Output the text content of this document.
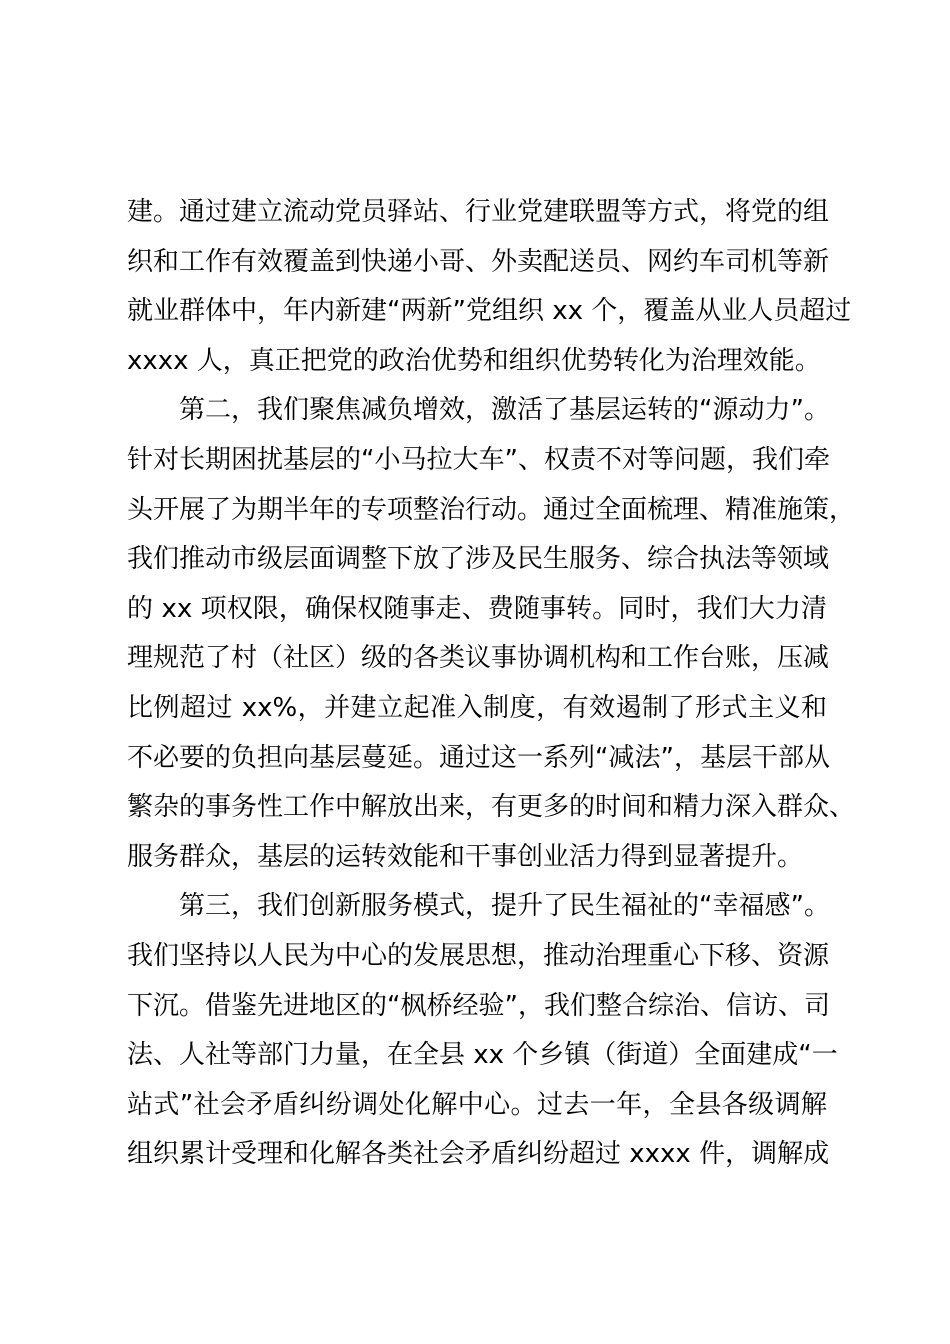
建。通过建立流动党员驿站、行业党建联盟等方式，将党的组
织和工作有效覆盖到快递小哥、外卖配送员、网约车司机等新
就业群体中，年内新建“两新”党组织 xx 个，覆盖从业人员超过
xxxx 人，真正把党的政治优势和组织优势转化为治理效能。
第二，我们聚焦减负增效，激活了基层运转的“源动力”。
针对长期困扰基层的“小马拉大车”、权责不对等问题，我们牵
头开展了为期半年的专项整治行动。通过全面梳理、精准施策，
我们推动市级层面调整下放了涉及民生服务、综合执法等领域
的 xx 项权限，确保权随事走、费随事转。同时，我们大力清
理规范了村（社区）级的各类议事协调机构和工作台账，压减
比例超过 xx%，并建立起准入制度，有效遏制了形式主义和
不必要的负担向基层蔓延。通过这一系列“减法”，基层干部从
繁杂的事务性工作中解放出来，有更多的时间和精力深入群众、
服务群众，基层的运转效能和干事创业活力得到显著提升。
第三，我们创新服务模式，提升了民生福祉的“幸福感”。
我们坚持以人民为中心的发展思想，推动治理重心下移、资源
下沉。借鉴先进地区的“枫桥经验”，我们整合综治、信访、司
法、人社等部门力量，在全县 xx 个乡镇（街道）全面建成“一
站式”社会矛盾纠纷调处化解中心。过去一年，全县各级调解
组织累计受理和化解各类社会矛盾纠纷超过 xxxx 件，调解成
